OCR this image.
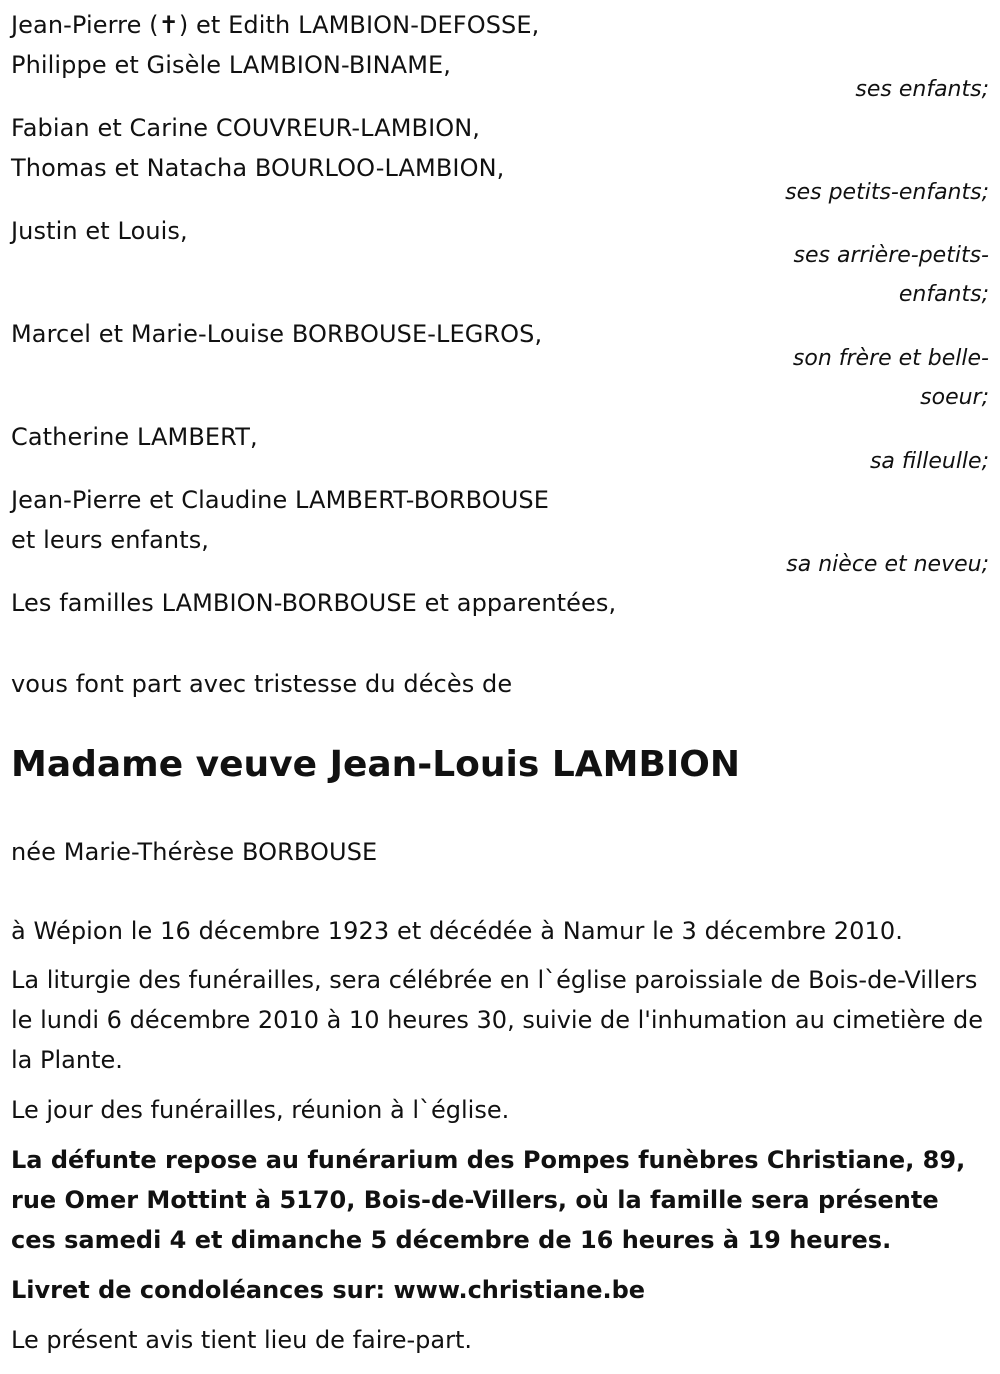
Jean-Pierre (✝) et Edith LAMBION-DEFOSSE,
Philippe et Gisèle LAMBION-BINAME,
ses enfants;
Fabian et Carine COUVREUR-LAMBION,
Thomas et Natacha BOURLOO-LAMBION,
ses petits-enfants;
Justin et Louis,
ses arrière-petits-
enfants;
Marcel et Marie-Louise BORBOUSE-LEGROS,
son frère et belle-
soeur;
Catherine LAMBERT,
sa filleulle;
Jean-Pierre et Claudine LAMBERT-BORBOUSE
et leurs enfants,
sa nièce et neveu;
Les familles LAMBION-BORBOUSE et apparentées,
vous font part avec tristesse du décès de
Madame veuve Jean-Louis LAMBION
née Marie-Thérèse BORBOUSE
à Wépion le 16 décembre 1923 et décédée à Namur le 3 décembre 2010.
La liturgie des funérailles, sera célébrée en l`église paroissiale de Bois-de-Villers le lundi 6 décembre 2010 à 10 heures 30, suivie de l'inhumation au cimetière de la Plante.
Le jour des funérailles, réunion à l`église.
La défunte repose au funérarium des Pompes funèbres Christiane, 89, rue Omer Mottint à 5170, Bois-de-Villers, où la famille sera présente ces samedi 4 et dimanche 5 décembre de 16 heures à 19 heures.
Livret de condoléances sur: www.christiane.be
Le présent avis tient lieu de faire-part.
